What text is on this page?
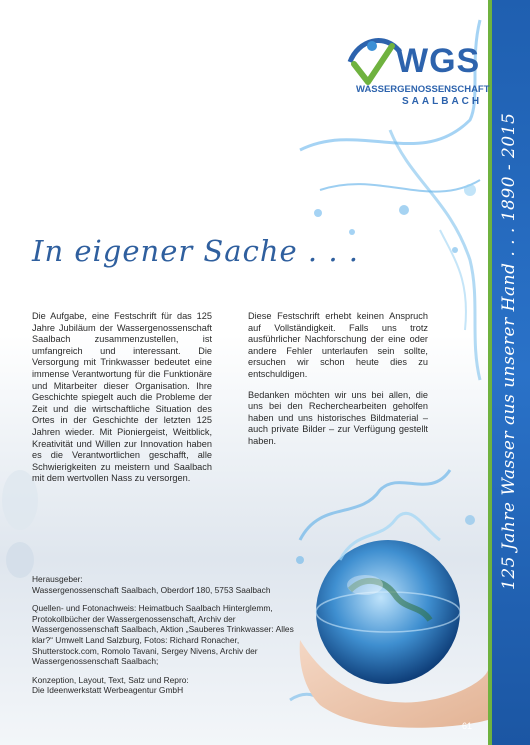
125 Jahre Wasser aus unserer Hand . . . 1890 - 2015
WGS
WASSERGENOSSENSCHAFT
SAALBACH
In eigener Sache . . .

Die Aufgabe, eine Festschrift für das 125 Jahre Jubiläum der Wassergenossenschaft Saalbach zusammenzustellen, ist umfangreich und interessant. Die Versorgung mit Trinkwasser bedeutet eine immense Verantwortung für die Funktionäre und Mitarbeiter dieser Organisation. Ihre Geschichte spiegelt auch die Probleme der Zeit und die wirtschaftliche Situation des Ortes in der Geschichte der letzten 125 Jahren wieder. Mit Pioniergeist, Weitblick, Kreativität und Willen zur Innovation haben es die Verantwortlichen geschafft, alle Schwierigkeiten zu meistern und Saalbach mit dem wertvollen Nass zu versorgen.

Diese Festschrift erhebt keinen Anspruch auf Vollständigkeit. Falls uns trotz ausführlicher Nachforschung der eine oder andere Fehler unterlaufen sein sollte, ersuchen wir schon heute dies zu entschuldigen.

Bedanken möchten wir uns bei allen, die uns bei den Recherchearbeiten geholfen haben und uns historisches Bildmaterial – auch private Bilder – zur Verfügung gestellt haben.

Herausgeber:
Wassergenossenschaft Saalbach, Oberdorf 180, 5753 Saalbach

Quellen- und Fotonachweis: Heimatbuch Saalbach Hinterglemm, Protokollbücher der Wassergenossenschaft, Archiv der Wassergenossenschaft Saalbach, Aktion „Sauberes Trinkwasser: Alles klar?“ Umwelt Land Salzburg, Fotos: Richard Ronacher, Shutterstock.com, Romolo Tavani, Sergey Nivens, Archiv der Wassergenossenschaft Saalbach;

Konzeption, Layout, Text, Satz und Repro:
Die Ideenwerkstatt Werbeagentur GmbH

61
